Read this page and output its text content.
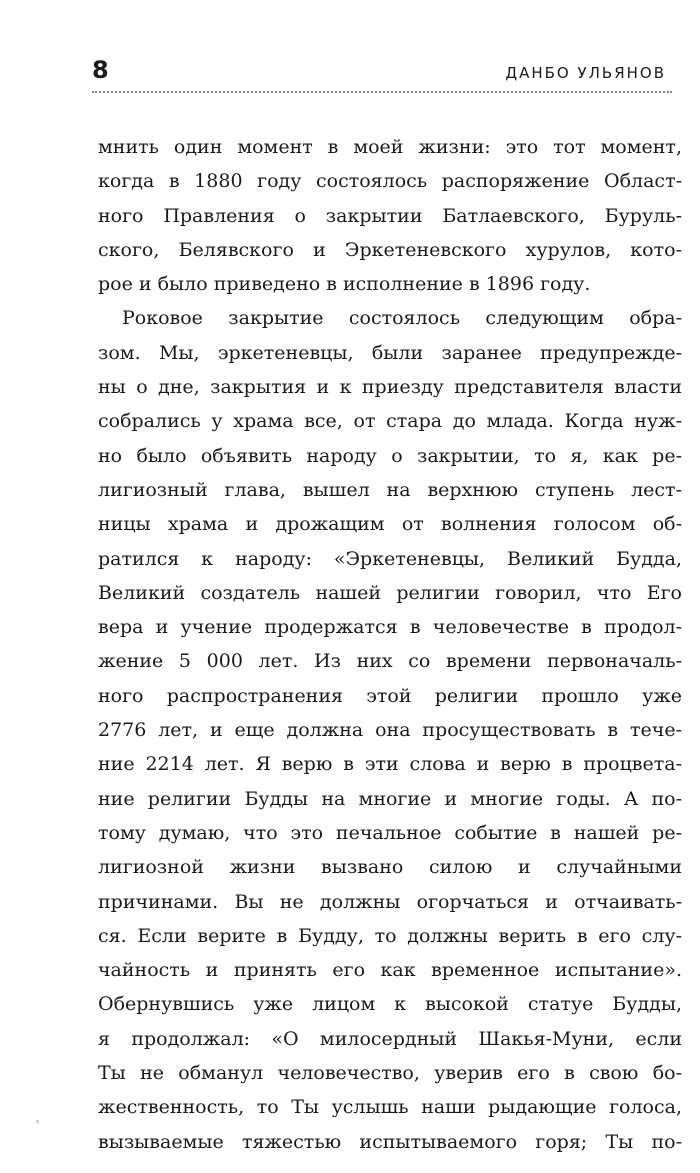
8	ДАНБО УЛЬЯНОВ
мнить один момент в моей жизни: это тот момент,
когда в 1880 году состоялось распоряжение Област-
ного Правления о закрытии Батлаевского, Буруль-
ского, Белявского и Эркетеневского хурулов, кото-
рое и было приведено в исполнение в 1896 году.
Роковое закрытие состоялось следующим обра-
зом. Мы, эркетеневцы, были заранее предупрежде-
ны о дне, закрытия и к приезду представителя власти
собрались у храма все, от стара до млада. Когда нуж-
но было объявить народу о закрытии, то я, как ре-
лигиозный глава, вышел на верхнюю ступень лест-
ницы храма и дрожащим от волнения голосом об-
ратился к народу: «Эркетеневцы, Великий Будда,
Великий создатель нашей религии говорил, что Его
вера и учение продержатся в человечестве в продол-
жение 5 000 лет. Из них со времени первоначаль-
ного распространения этой религии прошло уже
2776 лет, и еще должна она просуществовать в тече-
ние 2214 лет. Я верю в эти слова и верю в процвета-
ние религии Будды на многие и многие годы. А по-
тому думаю, что это печальное событие в нашей ре-
лигиозной жизни вызвано силою и случайными
причинами. Вы не должны огорчаться и отчаивать-
ся. Если верите в Будду, то должны верить в его слу-
чайность и принять его как временное испытание».
Обернувшись уже лицом к высокой статуе Будды,
я продолжал: «О милосердный Шакья-Муни, если
Ты не обманул человечество, уверив его в свою бо-
жественность, то Ты услышь наши рыдающие голоса,
вызываемые тяжестью испытываемого горя; Ты по-
